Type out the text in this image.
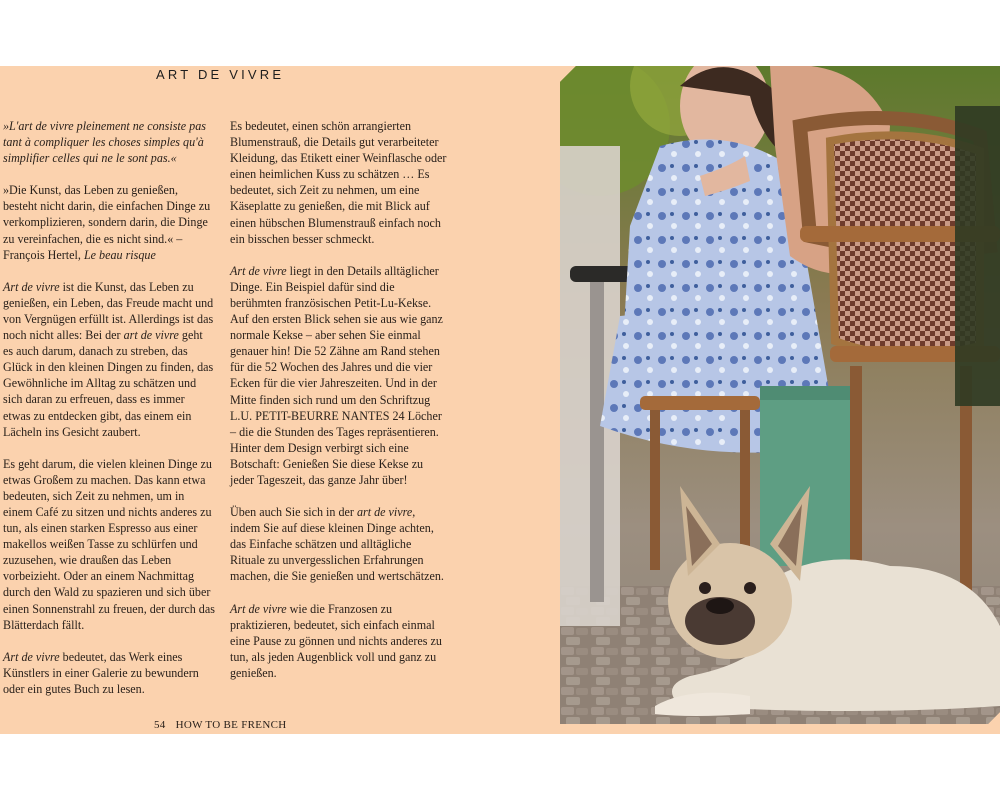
ART DE VIVRE

»L'art de vivre pleinement ne consiste pas tant à compliquer les choses simples qu'à simplifier celles qui ne le sont pas.«

»Die Kunst, das Leben zu genießen, besteht nicht darin, die einfachen Dinge zu verkomplizieren, sondern darin, die Dinge zu vereinfachen, die es nicht sind.« – François Hertel, Le beau risque

Art de vivre ist die Kunst, das Leben zu genießen, ein Leben, das Freude macht und von Vergnügen erfüllt ist. Allerdings ist das noch nicht alles: Bei der art de vivre geht es auch darum, danach zu streben, das Glück in den kleinen Dingen zu finden, das Gewöhnliche im Alltag zu schätzen und sich daran zu erfreuen, dass es immer etwas zu entdecken gibt, das einem ein Lächeln ins Gesicht zaubert.

Es geht darum, die vielen kleinen Dinge zu etwas Großem zu machen. Das kann etwa bedeuten, sich Zeit zu nehmen, um in einem Café zu sitzen und nichts anderes zu tun, als einen starken Espresso aus einer makellos weißen Tasse zu schlürfen und zuzusehen, wie draußen das Leben vorbeizieht. Oder an einem Nachmittag durch den Wald zu spazieren und sich über einen Sonnenstrahl zu freuen, der durch das Blätterdach fällt.

Art de vivre bedeutet, das Werk eines Künstlers in einer Galerie zu bewundern oder ein gutes Buch zu lesen.

Es bedeutet, einen schön arrangierten Blumenstrauß, die Details gut verarbeiteter Kleidung, das Etikett einer Weinflasche oder einen heimlichen Kuss zu schätzen … Es bedeutet, sich Zeit zu nehmen, um eine Käseplatte zu genießen, die mit Blick auf einen hübschen Blumenstrauß einfach noch ein bisschen besser schmeckt.

Art de vivre liegt in den Details alltäglicher Dinge. Ein Beispiel dafür sind die berühmten französischen Petit-Lu-Kekse. Auf den ersten Blick sehen sie aus wie ganz normale Kekse – aber sehen Sie einmal genauer hin! Die 52 Zähne am Rand stehen für die 52 Wochen des Jahres und die vier Ecken für die vier Jahreszeiten. Und in der Mitte finden sich rund um den Schriftzug L.U. PETIT-BEURRE NANTES 24 Löcher – die die Stunden des Tages repräsentieren. Hinter dem Design verbirgt sich eine Botschaft: Genießen Sie diese Kekse zu jeder Tageszeit, das ganze Jahr über!

Üben auch Sie sich in der art de vivre, indem Sie auf diese kleinen Dinge achten, das Einfache schätzen und alltägliche Rituale zu unvergesslichen Erfahrungen machen, die Sie genießen und wertschätzen.

Art de vivre wie die Franzosen zu praktizieren, bedeutet, sich einfach einmal eine Pause zu gönnen und nichts anderes zu tun, als jeden Augenblick voll und ganz zu genießen.

54 HOW TO BE FRENCH
